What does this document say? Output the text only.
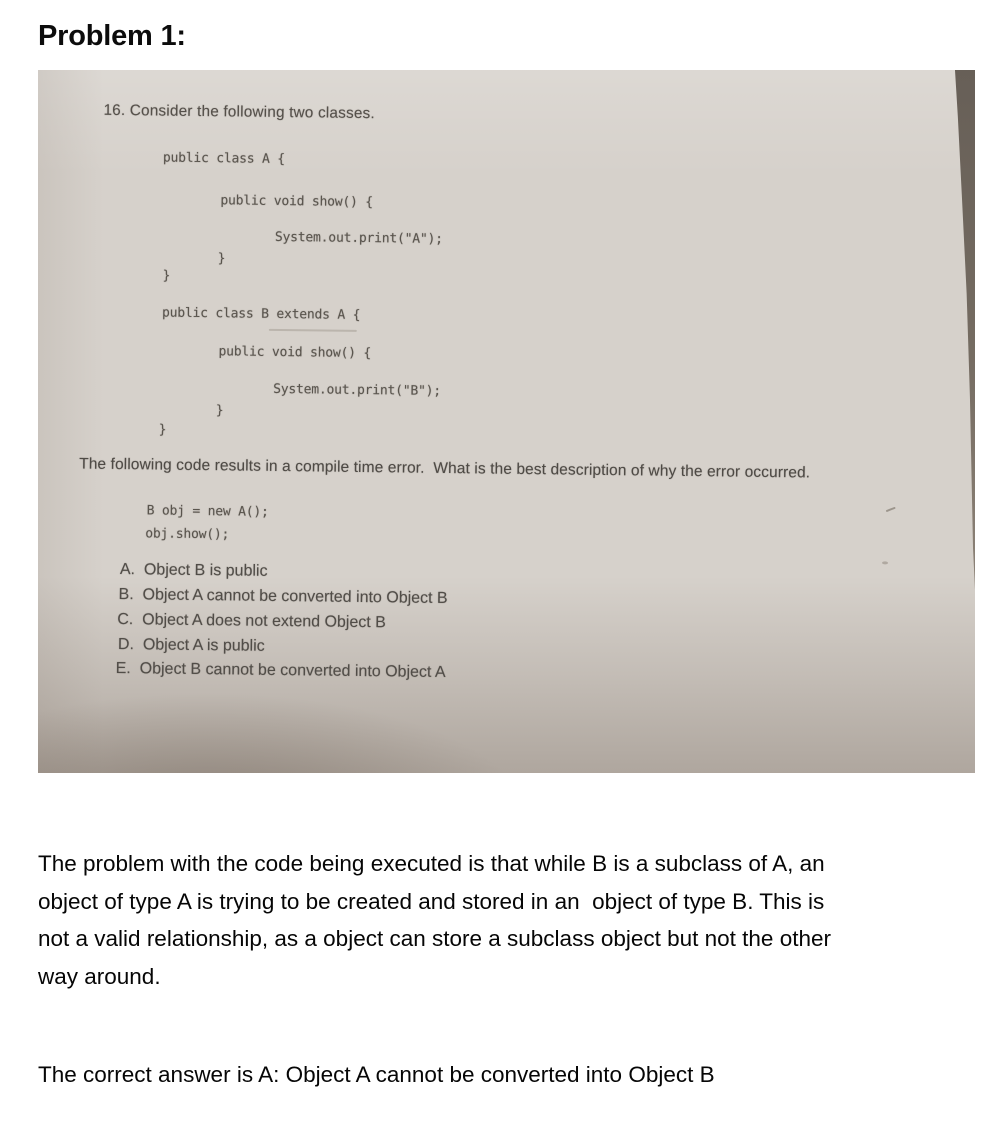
Problem 1:
16. Consider the following two classes.
public class A {
public void show() {
System.out.print("A");
}
}
public class B extends A {
public void show() {
System.out.print("B");
}
}
The following code results in a compile time error.  What is the best description of why the error occurred.
B obj = new A();
obj.show();
A.  Object B is public
B.  Object A cannot be converted into Object B
C.  Object A does not extend Object B
D.  Object A is public
E.  Object B cannot be converted into Object A
The problem with the code being executed is that while B is a subclass of A, an
object of type A is trying to be created and stored in an  object of type B. This is
not a valid relationship, as a object can store a subclass object but not the other
way around.
The correct answer is A: Object A cannot be converted into Object B
